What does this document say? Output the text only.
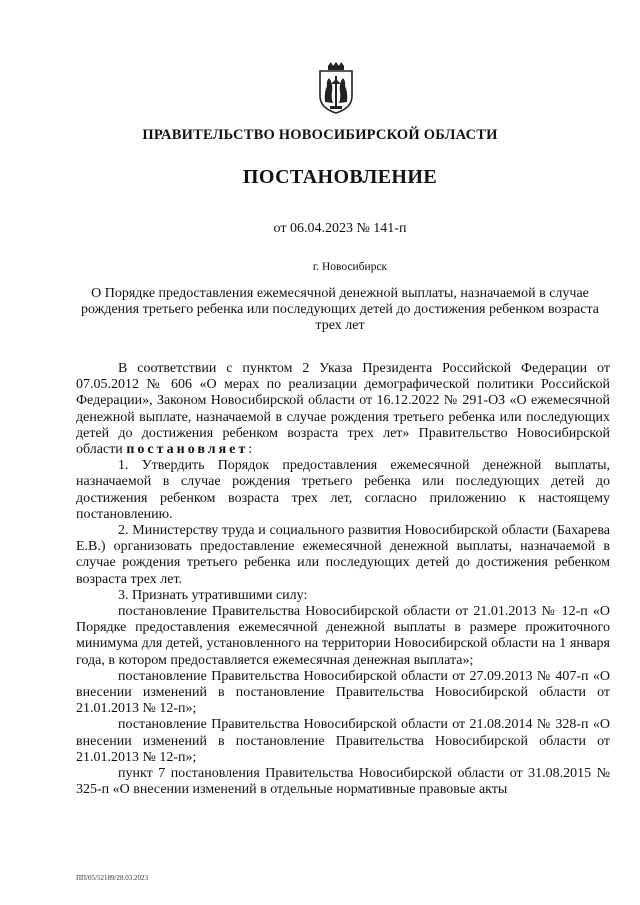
ПРАВИТЕЛЬСТВО НОВОСИБИРСКОЙ ОБЛАСТИ
ПОСТАНОВЛЕНИЕ
от 06.04.2023 № 141-п
г. Новосибирск
О Порядке предоставления ежемесячной денежной выплаты, назначаемой в случае рождения третьего ребенка или последующих детей до достижения ребенком возраста трех лет

В соответствии с пунктом 2 Указа Президента Российской Федерации от 07.05.2012 № 606 «О мерах по реализации демографической политики Российской Федерации», Законом Новосибирской области от 16.12.2022 № 291-ОЗ «О ежемесячной денежной выплате, назначаемой в случае рождения третьего ребенка или последующих детей до достижения ребенком возраста трех лет» Правительство Новосибирской области постановляет:

1. Утвердить Порядок предоставления ежемесячной денежной выплаты, назначаемой в случае рождения третьего ребенка или последующих детей до достижения ребенком возраста трех лет, согласно приложению к настоящему постановлению.

2. Министерству труда и социального развития Новосибирской области (Бахарева Е.В.) организовать предоставление ежемесячной денежной выплаты, назначаемой в случае рождения третьего ребенка или последующих детей до достижения ребенком возраста трех лет.

3. Признать утратившими силу:

постановление Правительства Новосибирской области от 21.01.2013 № 12-п «О Порядке предоставления ежемесячной денежной выплаты в размере прожиточного минимума для детей, установленного на территории Новосибирской области на 1 января года, в котором предоставляется ежемесячная денежная выплата»;

постановление Правительства Новосибирской области от 27.09.2013 № 407-п «О внесении изменений в постановление Правительства Новосибирской области от 21.01.2013 № 12-п»;

постановление Правительства Новосибирской области от 21.08.2014 № 328-п «О внесении изменений в постановление Правительства Новосибирской области от 21.01.2013 № 12-п»;

пункт 7 постановления Правительства Новосибирской области от 31.08.2015 № 325-п «О внесении изменений в отдельные нормативные правовые акты

ПП/05/52189/28.03.2023
